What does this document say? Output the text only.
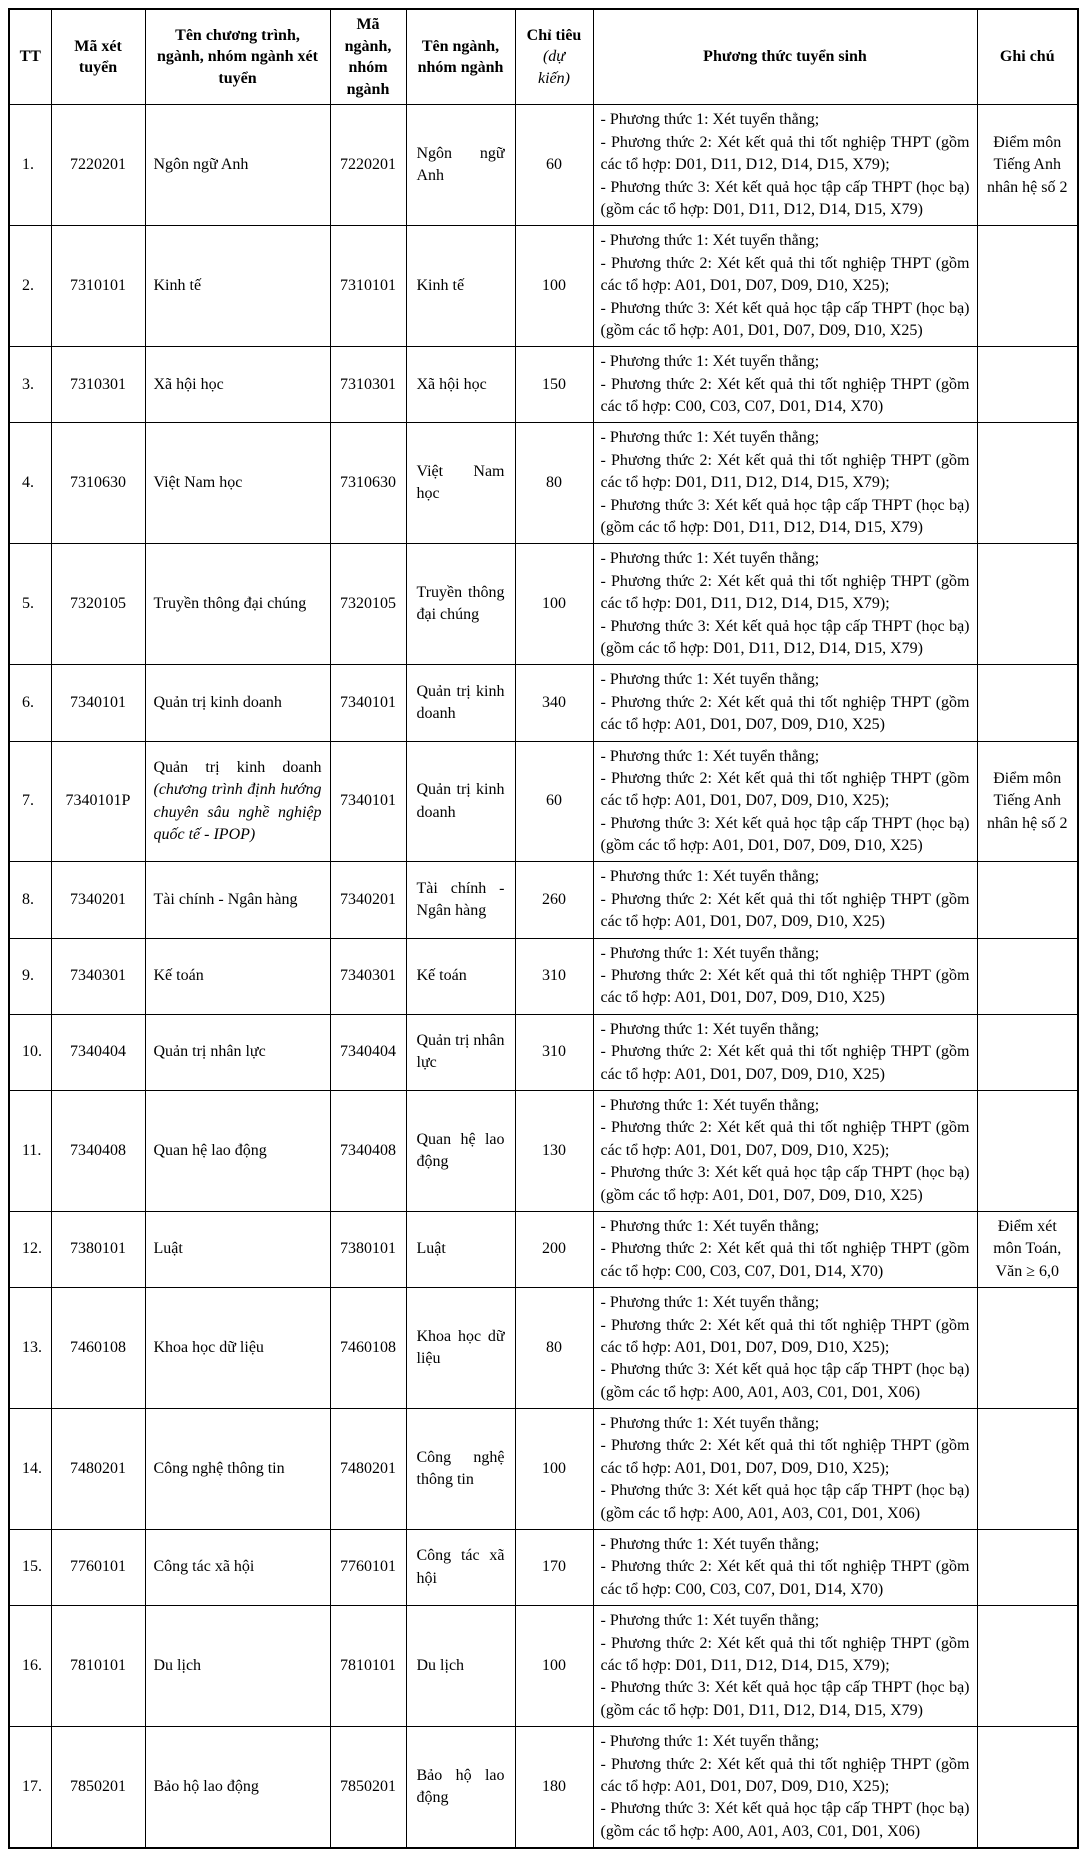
TT	Mã xét tuyển	Tên chương trình, ngành, nhóm ngành xét tuyển	Mã ngành, nhóm ngành	Tên ngành, nhóm ngành	Chỉ tiêu
(dự kiến)	Phương thức tuyển sinh	Ghi chú
1.	7220201	Ngôn ngữ Anh	7220201	Ngôn ngữ Anh	60	- Phương thức 1: Xét tuyển thẳng;
- Phương thức 2: Xét kết quả thi tốt nghiệp THPT (gồm các tổ hợp: D01, D11, D12, D14, D15, X79);
- Phương thức 3: Xét kết quả học tập cấp THPT (học bạ) (gồm các tổ hợp: D01, D11, D12, D14, D15, X79)	Điểm môn Tiếng Anh nhân hệ số 2
2.	7310101	Kinh tế	7310101	Kinh tế	100	- Phương thức 1: Xét tuyển thẳng;
- Phương thức 2: Xét kết quả thi tốt nghiệp THPT (gồm các tổ hợp: A01, D01, D07, D09, D10, X25);
- Phương thức 3: Xét kết quả học tập cấp THPT (học bạ) (gồm các tổ hợp: A01, D01, D07, D09, D10, X25)	

3.	7310301	Xã hội học	7310301	Xã hội học	150	- Phương thức 1: Xét tuyển thẳng;
- Phương thức 2: Xét kết quả thi tốt nghiệp THPT (gồm các tổ hợp: C00, C03, C07, D01, D14, X70)	

4.	7310630	Việt Nam học	7310630	Việt Nam học	80	- Phương thức 1: Xét tuyển thẳng;
- Phương thức 2: Xét kết quả thi tốt nghiệp THPT (gồm các tổ hợp: D01, D11, D12, D14, D15, X79);
- Phương thức 3: Xét kết quả học tập cấp THPT (học bạ) (gồm các tổ hợp: D01, D11, D12, D14, D15, X79)	

5.	7320105	Truyền thông đại chúng	7320105	Truyền thông đại chúng	100	- Phương thức 1: Xét tuyển thẳng;
- Phương thức 2: Xét kết quả thi tốt nghiệp THPT (gồm các tổ hợp: D01, D11, D12, D14, D15, X79);
- Phương thức 3: Xét kết quả học tập cấp THPT (học bạ) (gồm các tổ hợp: D01, D11, D12, D14, D15, X79)	

6.	7340101	Quản trị kinh doanh	7340101	Quản trị kinh doanh	340	- Phương thức 1: Xét tuyển thẳng;
- Phương thức 2: Xét kết quả thi tốt nghiệp THPT (gồm các tổ hợp: A01, D01, D07, D09, D10, X25)	

7.	7340101P	Quản trị kinh doanh (chương trình định hướng chuyên sâu nghề nghiệp quốc tế - IPOP)	7340101	Quản trị kinh doanh	60	- Phương thức 1: Xét tuyển thẳng;
- Phương thức 2: Xét kết quả thi tốt nghiệp THPT (gồm các tổ hợp: A01, D01, D07, D09, D10, X25);
- Phương thức 3: Xét kết quả học tập cấp THPT (học bạ) (gồm các tổ hợp: A01, D01, D07, D09, D10, X25)	Điểm môn Tiếng Anh nhân hệ số 2
8.	7340201	Tài chính - Ngân hàng	7340201	Tài chính - Ngân hàng	260	- Phương thức 1: Xét tuyển thẳng;
- Phương thức 2: Xét kết quả thi tốt nghiệp THPT (gồm các tổ hợp: A01, D01, D07, D09, D10, X25)	

9.	7340301	Kế toán	7340301	Kế toán	310	- Phương thức 1: Xét tuyển thẳng;
- Phương thức 2: Xét kết quả thi tốt nghiệp THPT (gồm các tổ hợp: A01, D01, D07, D09, D10, X25)	

10.	7340404	Quản trị nhân lực	7340404	Quản trị nhân lực	310	- Phương thức 1: Xét tuyển thẳng;
- Phương thức 2: Xét kết quả thi tốt nghiệp THPT (gồm các tổ hợp: A01, D01, D07, D09, D10, X25)	

11.	7340408	Quan hệ lao động	7340408	Quan hệ lao động	130	- Phương thức 1: Xét tuyển thẳng;
- Phương thức 2: Xét kết quả thi tốt nghiệp THPT (gồm các tổ hợp: A01, D01, D07, D09, D10, X25);
- Phương thức 3: Xét kết quả học tập cấp THPT (học bạ) (gồm các tổ hợp: A01, D01, D07, D09, D10, X25)	

12.	7380101	Luật	7380101	Luật	200	- Phương thức 1: Xét tuyển thẳng;
- Phương thức 2: Xét kết quả thi tốt nghiệp THPT (gồm các tổ hợp: C00, C03, C07, D01, D14, X70)	Điểm xét môn Toán, Văn ≥ 6,0
13.	7460108	Khoa học dữ liệu	7460108	Khoa học dữ liệu	80	- Phương thức 1: Xét tuyển thẳng;
- Phương thức 2: Xét kết quả thi tốt nghiệp THPT (gồm các tổ hợp: A01, D01, D07, D09, D10, X25);
- Phương thức 3: Xét kết quả học tập cấp THPT (học bạ) (gồm các tổ hợp: A00, A01, A03, C01, D01, X06)	

14.	7480201	Công nghệ thông tin	7480201	Công nghệ thông tin	100	- Phương thức 1: Xét tuyển thẳng;
- Phương thức 2: Xét kết quả thi tốt nghiệp THPT (gồm các tổ hợp: A01, D01, D07, D09, D10, X25);
- Phương thức 3: Xét kết quả học tập cấp THPT (học bạ) (gồm các tổ hợp: A00, A01, A03, C01, D01, X06)	

15.	7760101	Công tác xã hội	7760101	Công tác xã hội	170	- Phương thức 1: Xét tuyển thẳng;
- Phương thức 2: Xét kết quả thi tốt nghiệp THPT (gồm các tổ hợp: C00, C03, C07, D01, D14, X70)	

16.	7810101	Du lịch	7810101	Du lịch	100	- Phương thức 1: Xét tuyển thẳng;
- Phương thức 2: Xét kết quả thi tốt nghiệp THPT (gồm các tổ hợp: D01, D11, D12, D14, D15, X79);
- Phương thức 3: Xét kết quả học tập cấp THPT (học bạ) (gồm các tổ hợp: D01, D11, D12, D14, D15, X79)	

17.	7850201	Bảo hộ lao động	7850201	Bảo hộ lao động	180	- Phương thức 1: Xét tuyển thẳng;
- Phương thức 2: Xét kết quả thi tốt nghiệp THPT (gồm các tổ hợp: A01, D01, D07, D09, D10, X25);
- Phương thức 3: Xét kết quả học tập cấp THPT (học bạ) (gồm các tổ hợp: A00, A01, A03, C01, D01, X06)	
